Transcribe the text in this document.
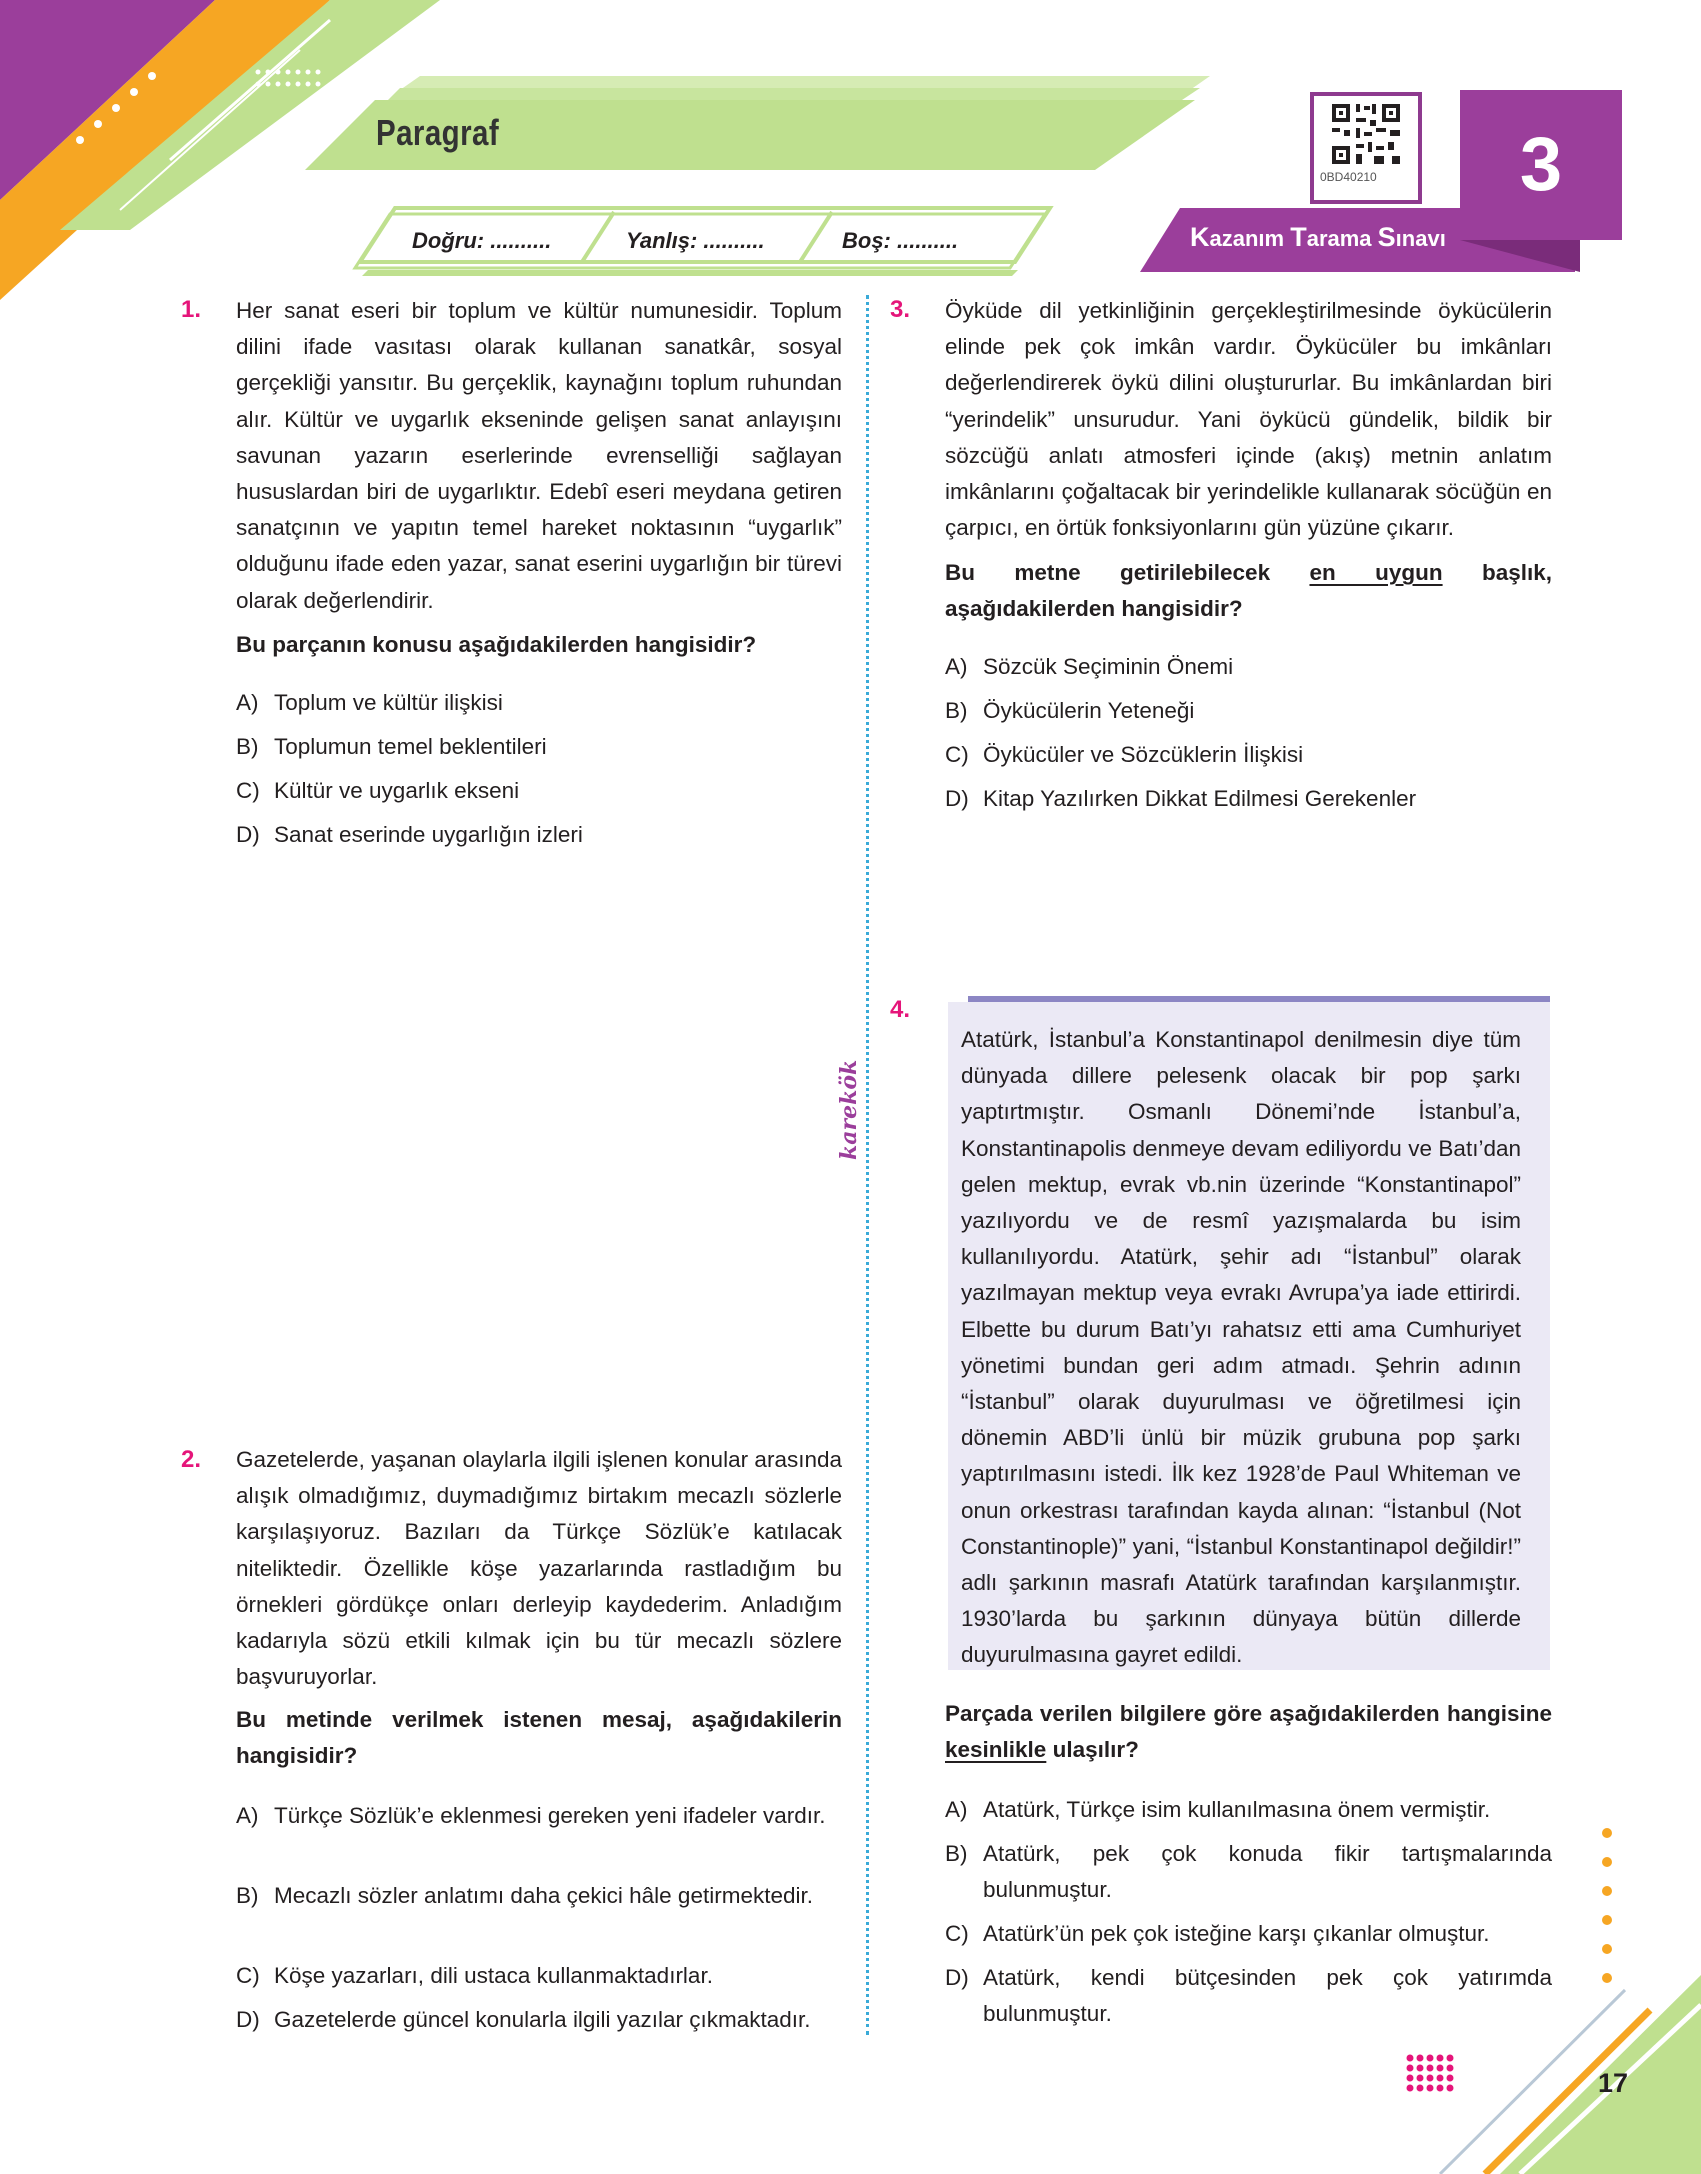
Paragraf
Doğru: ..........	Yanlış: ..........	Boş: ..........
0BD40210	3
Kazanım Tarama Sınavı
karekök
1. Her sanat eseri bir toplum ve kültür numunesidir. Toplum dilini ifade vasıtası olarak kullanan sanatkâr, sosyal gerçekliği yansıtır. Bu gerçeklik, kaynağını toplum ruhundan alır. Kültür ve uygarlık ekseninde gelişen sanat anlayışını savunan yazarın eserlerinde evrenselliği sağlayan hususlardan biri de uygarlıktır. Edebî eseri meydana getiren sanatçının ve yapıtın temel hareket noktasının “uygarlık” olduğunu ifade eden yazar, sanat eserini uygarlığın bir türevi olarak değerlendirir.

Bu parçanın konusu aşağıdakilerden hangisidir?

A) Toplum ve kültür ilişkisi
B) Toplumun temel beklentileri
C) Kültür ve uygarlık ekseni
D) Sanat eserinde uygarlığın izleri
2. Gazetelerde, yaşanan olaylarla ilgili işlenen konular arasında alışık olmadığımız, duymadığımız birtakım mecazlı sözlerle karşılaşıyoruz. Bazıları da Türkçe Sözlük’e katılacak niteliktedir. Özellikle köşe yazarlarında rastladığım bu örnekleri gördükçe onları derleyip kaydederim. Anladığım kadarıyla sözü etkili kılmak için bu tür mecazlı sözlere başvuruyorlar.

Bu metinde verilmek istenen mesaj, aşağıdakilerin hangisidir?

A) Türkçe Sözlük’e eklenmesi gereken yeni ifadeler vardır.
B) Mecazlı sözler anlatımı daha çekici hâle getirmektedir.
C) Köşe yazarları, dili ustaca kullanmaktadırlar.
D) Gazetelerde güncel konularla ilgili yazılar çıkmaktadır.
3. Öyküde dil yetkinliğinin gerçekleştirilmesinde öykücülerin elinde pek çok imkân vardır. Öykücüler bu imkânları değerlendirerek öykü dilini oluştururlar. Bu imkânlardan biri “yerindelik” unsurudur. Yani öykücü gündelik, bildik bir sözcüğü anlatı atmosferi içinde (akış) metnin anlatım imkânlarını çoğaltacak bir yerindelikle kullanarak söcüğün en çarpıcı, en örtük fonksiyonlarını gün yüzüne çıkarır.

Bu metne getirilebilecek en uygun başlık, aşağıdakilerden hangisidir?

A) Sözcük Seçiminin Önemi
B) Öykücülerin Yeteneği
C) Öykücüler ve Sözcüklerin İlişkisi
D) Kitap Yazılırken Dikkat Edilmesi Gerekenler
4.

Atatürk, İstanbul’a Konstantinapol denilmesin diye tüm dünyada dillere pelesenk olacak bir pop şarkı yaptırtmıştır. Osmanlı Dönemi’nde İstanbul’a, Konstantinapolis denmeye devam ediliyordu ve Batı’dan gelen mektup, evrak vb.nin üzerinde “Konstantinapol” yazılıyordu ve de resmî yazışmalarda bu isim kullanılıyordu. Atatürk, şehir adı “İstanbul” olarak yazılmayan mektup veya evrakı Avrupa’ya iade ettirirdi. Elbette bu durum Batı’yı rahatsız etti ama Cumhuriyet yönetimi bundan geri adım atmadı. Şehrin adının “İstanbul” olarak duyurulması ve öğretilmesi için dönemin ABD’li ünlü bir müzik grubuna pop şarkı yaptırılmasını istedi. İlk kez 1928’de Paul Whiteman ve onun orkestrası tarafından kayda alınan: “İstanbul (Not Constantinople)” yani, “İstanbul Konstantinapol değildir!” adlı şarkının masrafı Atatürk tarafından karşılanmıştır. 1930’larda bu şarkının dünyaya bütün dillerde duyurulmasına gayret edildi.

Parçada verilen bilgilere göre aşağıdakilerden hangisine kesinlikle ulaşılır?

A) Atatürk, Türkçe isim kullanılmasına önem vermiştir.
B) Atatürk, pek çok konuda fikir tartışmalarında bulunmuştur.
C) Atatürk’ün pek çok isteğine karşı çıkanlar olmuştur.
D) Atatürk, kendi bütçesinden pek çok yatırımda bulunmuştur.
17
